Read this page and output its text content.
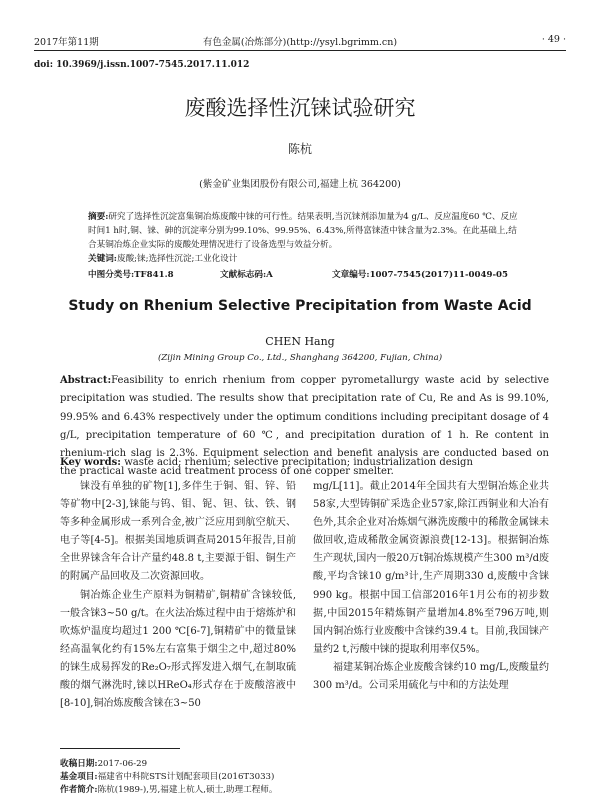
2017年第11期	有色金属(冶炼部分)(http://ysyl.bgrimm.cn)	· 49 ·
doi: 10.3969/j.issn.1007-7545.2017.11.012
废酸选择性沉铼试验研究
陈杭
(紫金矿业集团股份有限公司,福建上杭 364200)
摘要:研究了选择性沉淀富集铜冶炼废酸中铼的可行性。结果表明,当沉铼剂添加量为4 g/L、反应温度60 ℃、反应时间1 h时,铜、铼、砷的沉淀率分别为99.10%、99.95%、6.43%,所得富铼渣中铼含量为2.3%。在此基础上,结合某铜冶炼企业实际的废酸处理情况进行了设备选型与效益分析。
关键词:废酸;铼;选择性沉淀;工业化设计
中图分类号:TF841.8	文献标志码:A	文章编号:1007-7545(2017)11-0049-05
Study on Rhenium Selective Precipitation from Waste Acid
CHEN Hang
(Zijin Mining Group Co., Ltd., Shanghang 364200, Fujian, China)
Abstract:Feasibility to enrich rhenium from copper pyrometallurgy waste acid by selective precipitation was studied. The results show that precipitation rate of Cu, Re and As is 99.10%, 99.95% and 6.43% respectively under the optimum conditions including precipitant dosage of 4 g/L, precipitation temperature of 60 ℃, and precipitation duration of 1 h. Re content in rhenium-rich slag is 2.3%. Equipment selection and benefit analysis are conducted based on the practical waste acid treatment process of one copper smelter.
Key words: waste acid; rhenium; selective precipitation; industrialization design

铼没有单独的矿物[1],多伴生于铜、钼、锌、铅等矿物中[2-3],铼能与钨、钼、铌、钽、钛、铁、钢等多种金属形成一系列合金,被广泛应用到航空航天、电子等[4-5]。根据美国地质调查局2015年报告,目前全世界铼含年合计产量约48.8 t,主要源于钼、铜生产的附属产品回收及二次资源回收。

铜冶炼企业生产原料为铜精矿,铜精矿含铼较低,一般含铼3~50 g/t。在火法冶炼过程中由于熔炼炉和吹炼炉温度均超过1 200 ℃[6-7],铜精矿中的微量铼经高温氧化约有15%左右富集于烟尘之中,超过80%的铼生成易挥发的Re₂O₇形式挥发进入烟气,在制取硫酸的烟气淋洗时,铼以HReO₄形式存在于废酸溶液中[8-10],铜冶炼废酸含铼在3~50

mg/L[11]。截止2014年全国共有大型铜冶炼企业共58家,大型铸铜矿采选企业57家,除江西铜业和大冶有色外,其余企业对冶炼烟气淋洗废酸中的稀散金属铼未做回收,造成稀散金属资源浪费[12-13]。根据铜冶炼生产现状,国内一般20万t铜冶炼规模产生300 m³/d废酸,平均含铼10 g/m³计,生产周期330 d,废酸中含铼990 kg。根据中国工信部2016年1月公布的初步数据,中国2015年精炼铜产量增加4.8%至796万吨,则国内铜冶炼行业废酸中含铼约39.4 t。目前,我国铼产量约2 t,污酸中铼的提取利用率仅5%。

福建某铜冶炼企业废酸含铼约10 mg/L,废酸量约300 m³/d。公司采用硫化与中和的方法处理

收稿日期:2017-06-29
基金项目:福建省中科院STS计划配套项目(2016T3033)
作者简介:陈杭(1989-),男,福建上杭人,硕士,助理工程师。
